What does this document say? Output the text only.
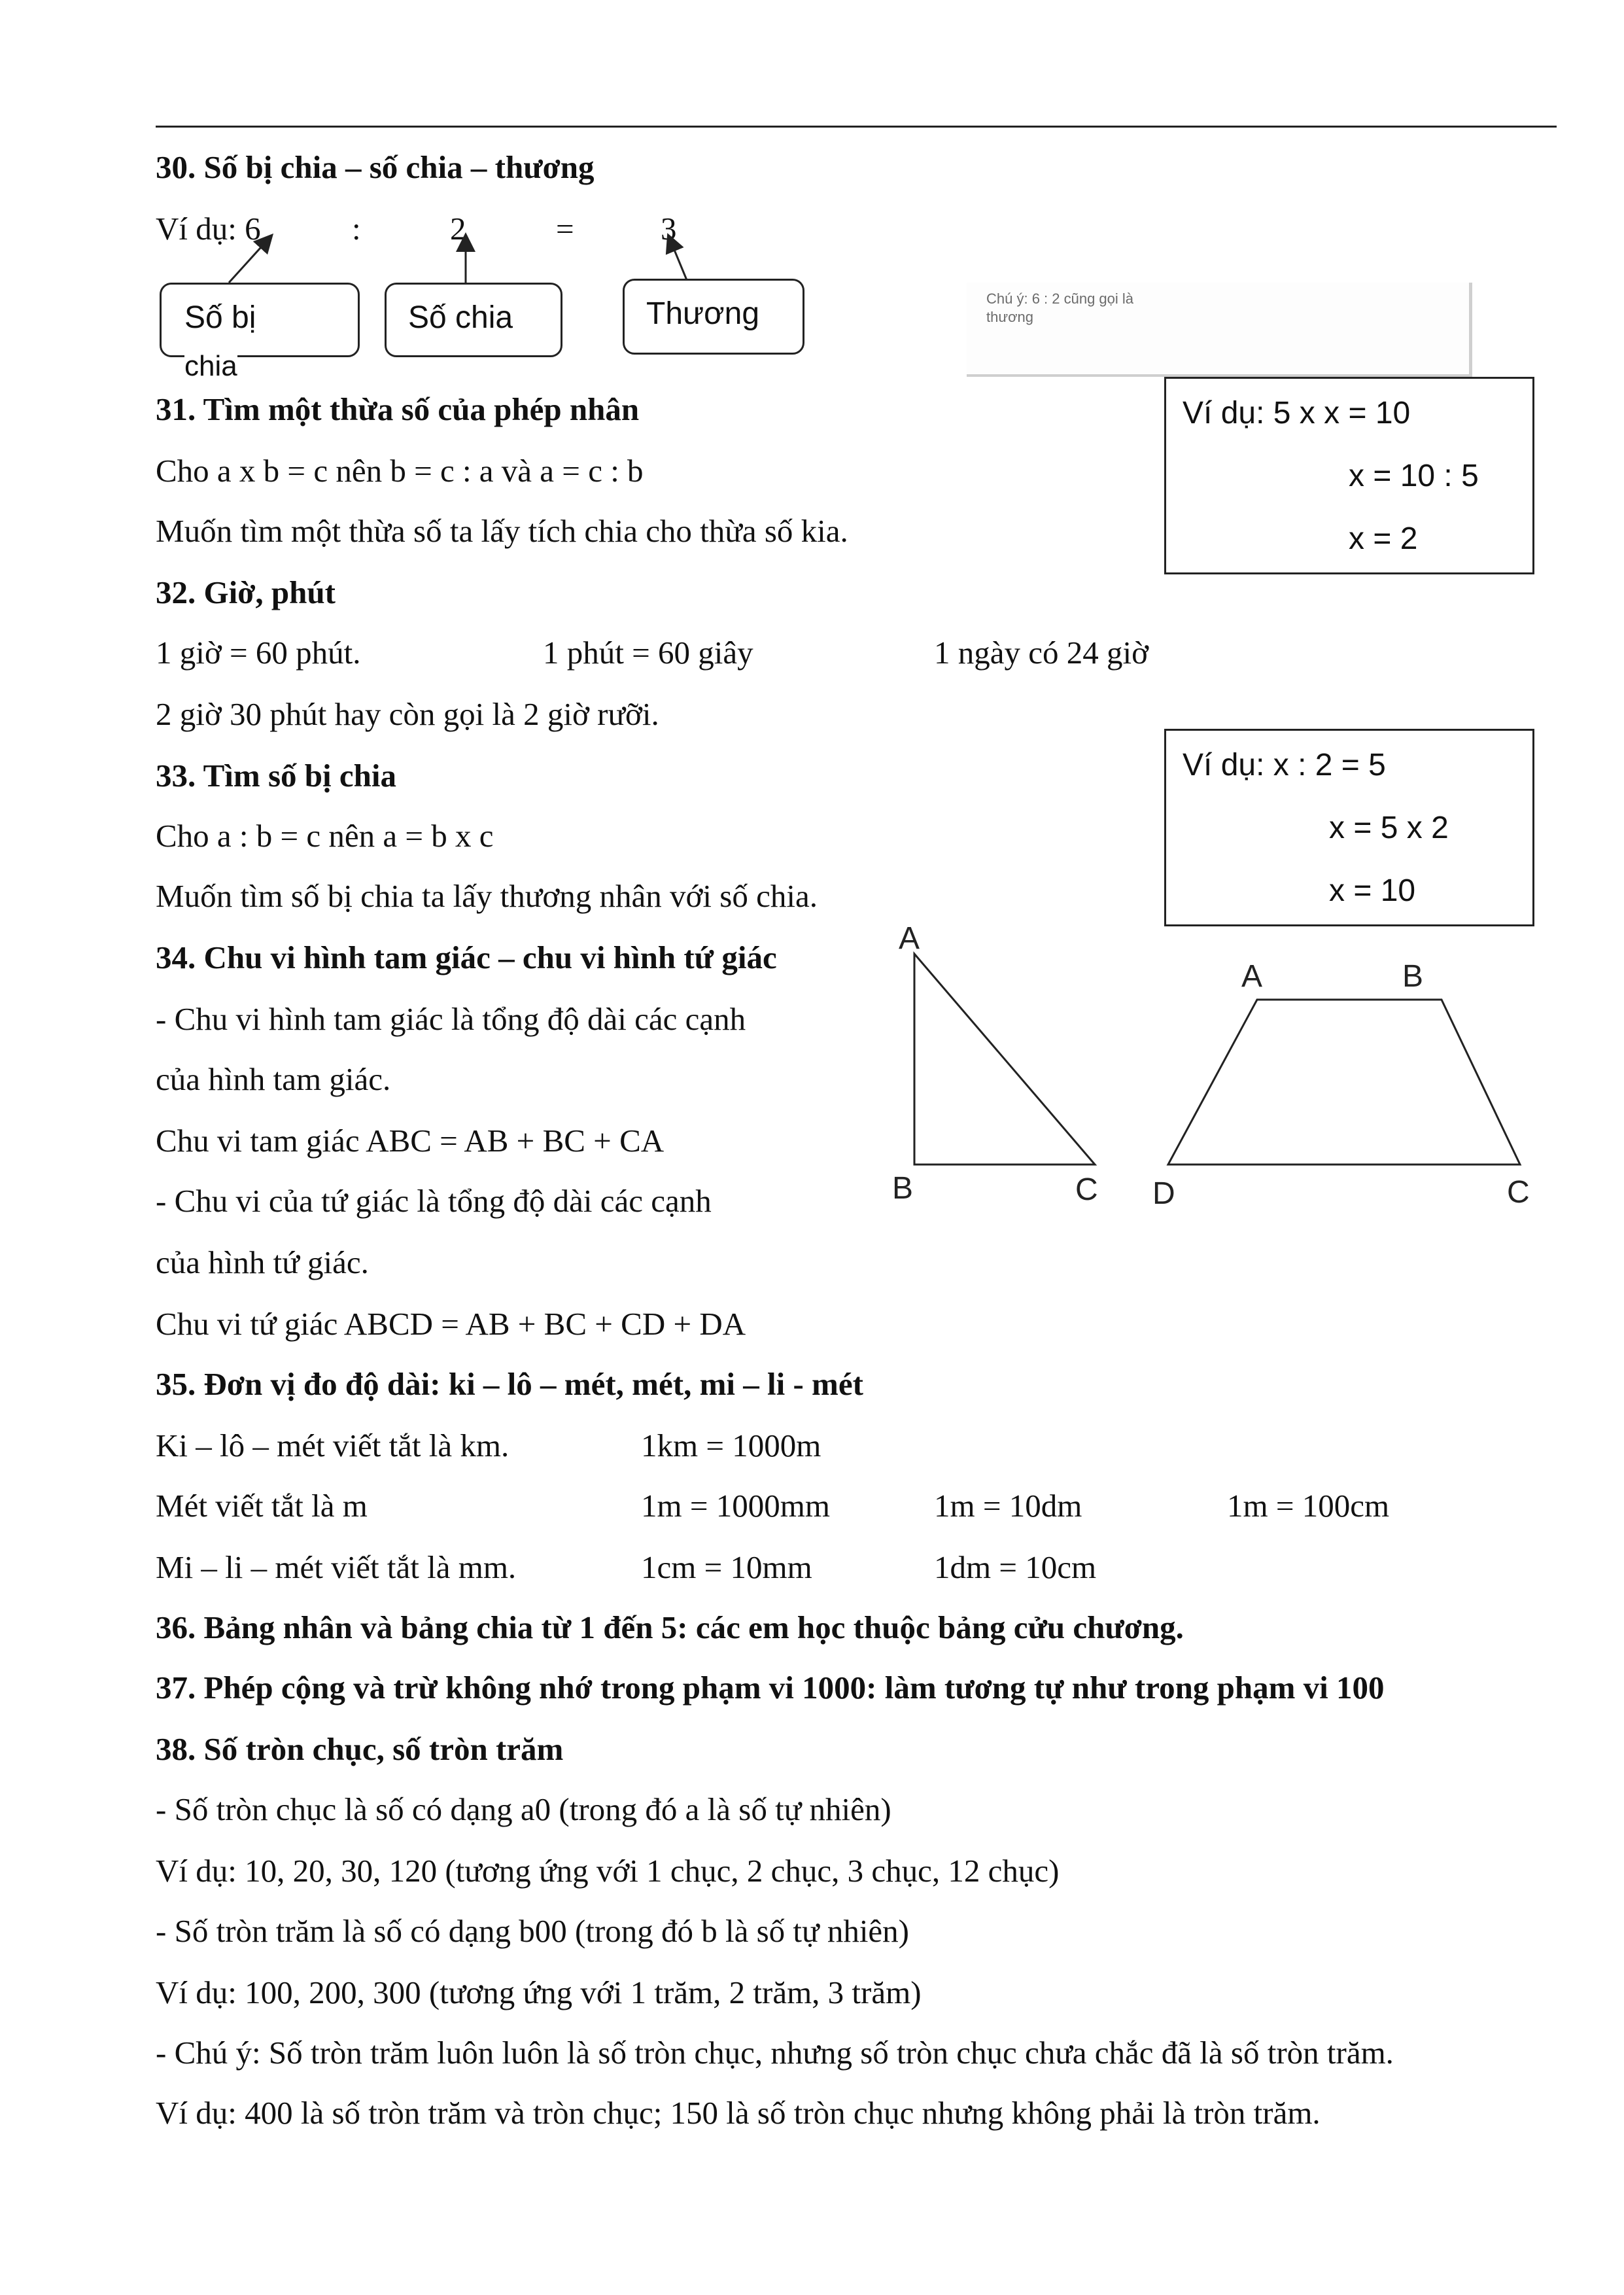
30. Số bị chia – số chia – thương
Ví dụ: 6	:	2	=	3
Số bị
chia
Số chia	Thương	Chú ý: 6 : 2 cũng gọi là
thương
31. Tìm một thừa số của phép nhân
Cho a x b = c nên b = c : a và a = c : b
Muốn tìm một thừa số ta lấy tích chia cho thừa số kia.
Ví dụ: 5 x x = 10
x = 10 : 5
x = 2
32. Giờ, phút
1 giờ = 60 phút.	1 phút = 60 giây	1 ngày có 24 giờ
2 giờ 30 phút hay còn gọi là 2 giờ rưỡi.
33. Tìm số bị chia
Cho a : b = c nên a = b x c
Muốn tìm số bị chia ta lấy thương nhân với số chia.
Ví dụ: x : 2 = 5
x = 5 x 2
x = 10
34. Chu vi hình tam giác – chu vi hình tứ giác
- Chu vi hình tam giác là tổng độ dài các cạnh
của hình tam giác.
Chu vi tam giác ABC = AB + BC + CA
- Chu vi của tứ giác là tổng độ dài các cạnh
của hình tứ giác.
Chu vi tứ giác ABCD = AB + BC + CD + DA
A
B	C
A	B
C
D
35. Đơn vị đo độ dài: ki – lô – mét, mét, mi – li - mét
Ki – lô – mét viết tắt là km.	1km = 1000m
Mét viết tắt là m	1m = 1000mm	1m = 10dm	1m = 100cm
Mi – li – mét viết tắt là mm.	1cm = 10mm	1dm = 10cm
36. Bảng nhân và bảng chia từ 1 đến 5: các em học thuộc bảng cửu chương.
37. Phép cộng và trừ không nhớ trong phạm vi 1000: làm tương tự như trong phạm vi 100
38. Số tròn chục, số tròn trăm
- Số tròn chục là số có dạng a0 (trong đó a là số tự nhiên)
Ví dụ: 10, 20, 30, 120 (tương ứng với 1 chục, 2 chục, 3 chục, 12 chục)
- Số tròn trăm là số có dạng b00 (trong đó b là số tự nhiên)
Ví dụ: 100, 200, 300 (tương ứng với 1 trăm, 2 trăm, 3 trăm)
- Chú ý: Số tròn trăm luôn luôn là số tròn chục, nhưng số tròn chục chưa chắc đã là số tròn trăm.
Ví dụ: 400 là số tròn trăm và tròn chục; 150 là số tròn chục nhưng không phải là tròn trăm.
